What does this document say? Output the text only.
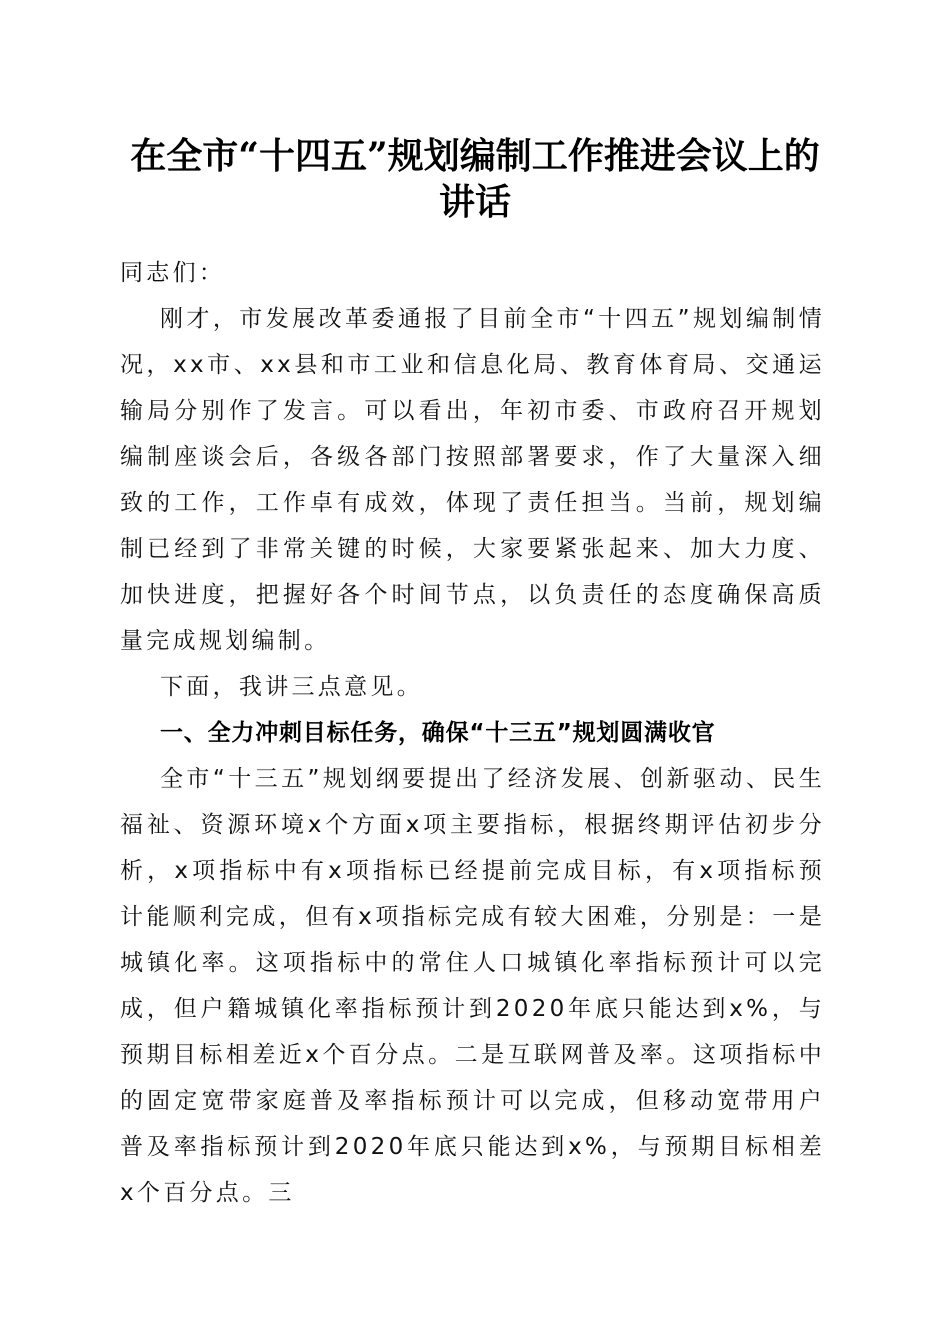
在全市“十四五”规划编制工作推进会议上的
讲话

同志们：

刚才，市发展改革委通报了目前全市“十四五”规划编制情况，xx市、xx县和市工业和信息化局、教育体育局、交通运输局分别作了发言。可以看出，年初市委、市政府召开规划编制座谈会后，各级各部门按照部署要求，作了大量深入细致的工作，工作卓有成效，体现了责任担当。当前，规划编制已经到了非常关键的时候，大家要紧张起来、加大力度、加快进度，把握好各个时间节点，以负责任的态度确保高质量完成规划编制。

下面，我讲三点意见。

一、全力冲刺目标任务，确保“十三五”规划圆满收官

全市“十三五”规划纲要提出了经济发展、创新驱动、民生福祉、资源环境x个方面x项主要指标，根据终期评估初步分析，x项指标中有x项指标已经提前完成目标，有x项指标预计能顺利完成，但有x项指标完成有较大困难，分别是：一是城镇化率。这项指标中的常住人口城镇化率指标预计可以完成，但户籍城镇化率指标预计到2020年底只能达到x%，与预期目标相差近x个百分点。二是互联网普及率。这项指标中的固定宽带家庭普及率指标预计可以完成，但移动宽带用户普及率指标预计到2020年底只能达到x%，与预期目标相差x个百分点。三
